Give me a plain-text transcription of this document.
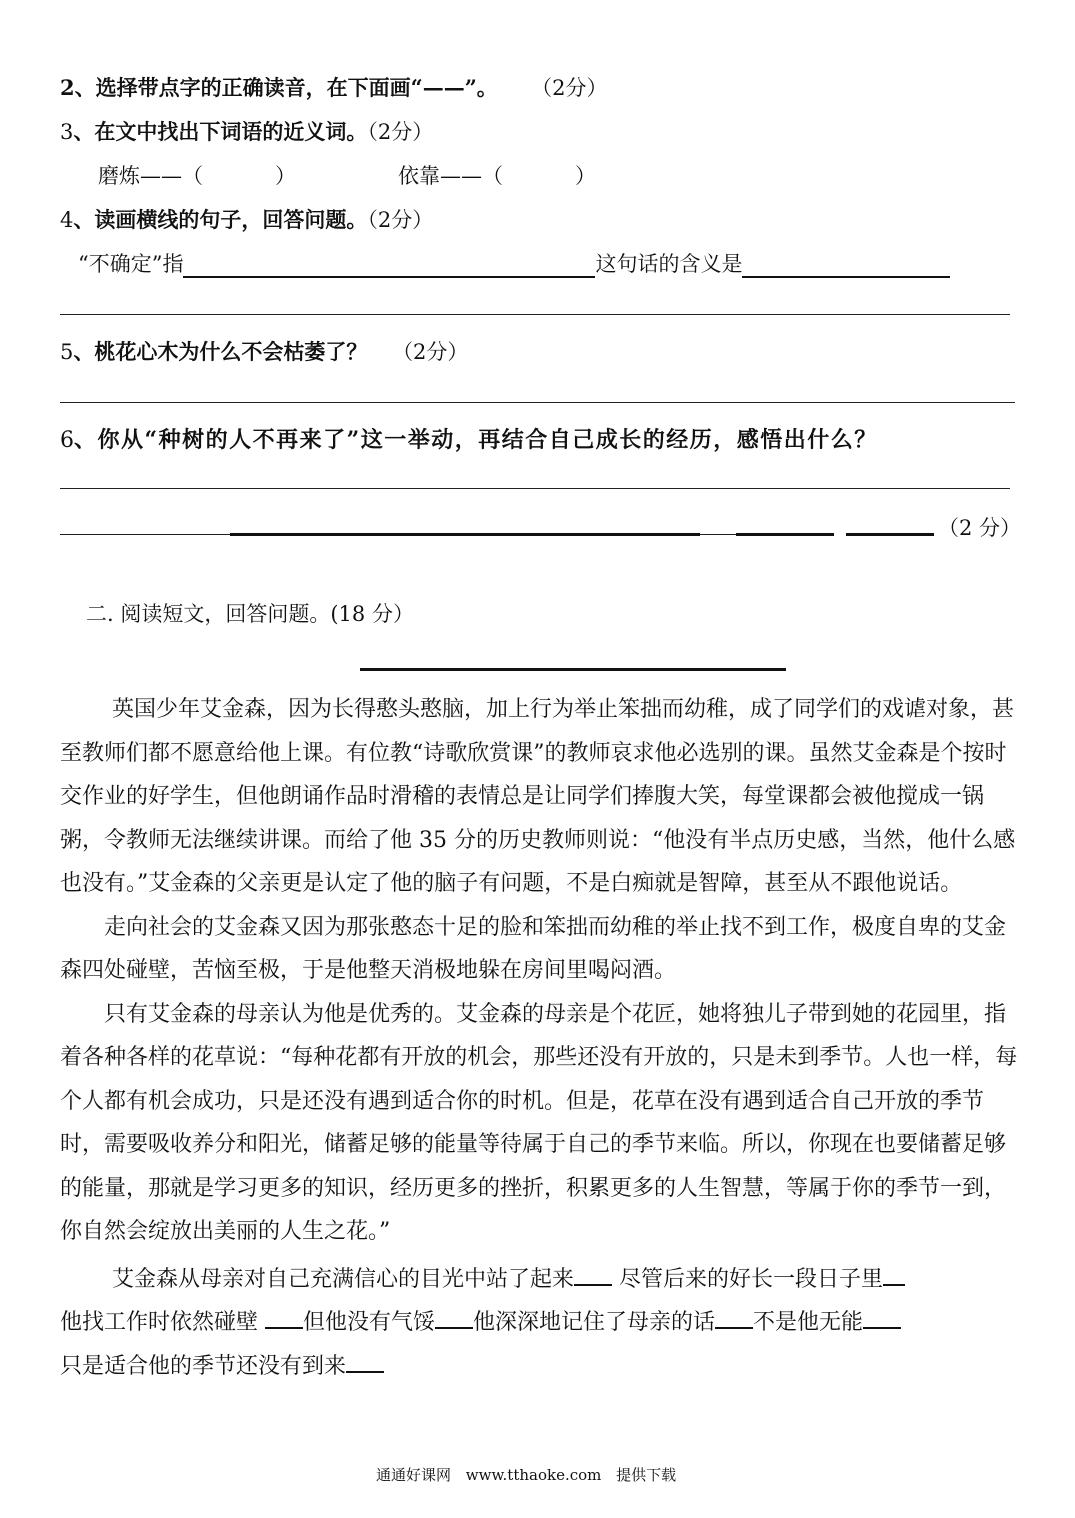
2、选择带点字的正确读音，在下面画“——”。 （2分）
3、在文中找出下词语的近义词。（2分）
磨炼——（	）	依靠——（	）
4、读画横线的句子，回答问题。（2分）
“不确定”指	这句话的含义是
5、桃花心木为什么不会枯萎了？ （2分）
6、你从“种树的人不再来了”这一举动，再结合自己成长的经历，感悟出什么？
（2 分）
二. 阅读短文，回答问题。(18 分）

英国少年艾金森，因为长得憨头憨脑，加上行为举止笨拙而幼稚，成了同学们的戏谑对象，甚至教师们都不愿意给他上课。有位教“诗歌欣赏课”的教师哀求他必选别的课。虽然艾金森是个按时交作业的好学生，但他朗诵作品时滑稽的表情总是让同学们捧腹大笑，每堂课都会被他搅成一锅粥，令教师无法继续讲课。而给了他 35 分的历史教师则说：“他没有半点历史感，当然，他什么感也没有。”艾金森的父亲更是认定了他的脑子有问题，不是白痴就是智障，甚至从不跟他说话。

走向社会的艾金森又因为那张憨态十足的脸和笨拙而幼稚的举止找不到工作，极度自卑的艾金森四处碰壁，苦恼至极，于是他整天消极地躲在房间里喝闷酒。

只有艾金森的母亲认为他是优秀的。艾金森的母亲是个花匠，她将独儿子带到她的花园里，指着各种各样的花草说：“每种花都有开放的机会，那些还没有开放的，只是未到季节。人也一样，每个人都有机会成功，只是还没有遇到适合你的时机。但是，花草在没有遇到适合自己开放的季节时，需要吸收养分和阳光，储蓄足够的能量等待属于自己的季节来临。所以，你现在也要储蓄足够的能量，那就是学习更多的知识，经历更多的挫折，积累更多的人生智慧，等属于你的季节一到，你自然会绽放出美丽的人生之花。”

艾金森从母亲对自己充满信心的目光中站了起来 尽管后来的好长一段日子里
他找工作时依然碰壁 但他没有气馁 他深深地记住了母亲的话 不是他无能
只是适合他的季节还没有到来

通通好课网 www.tthaoke.com 提供下载
